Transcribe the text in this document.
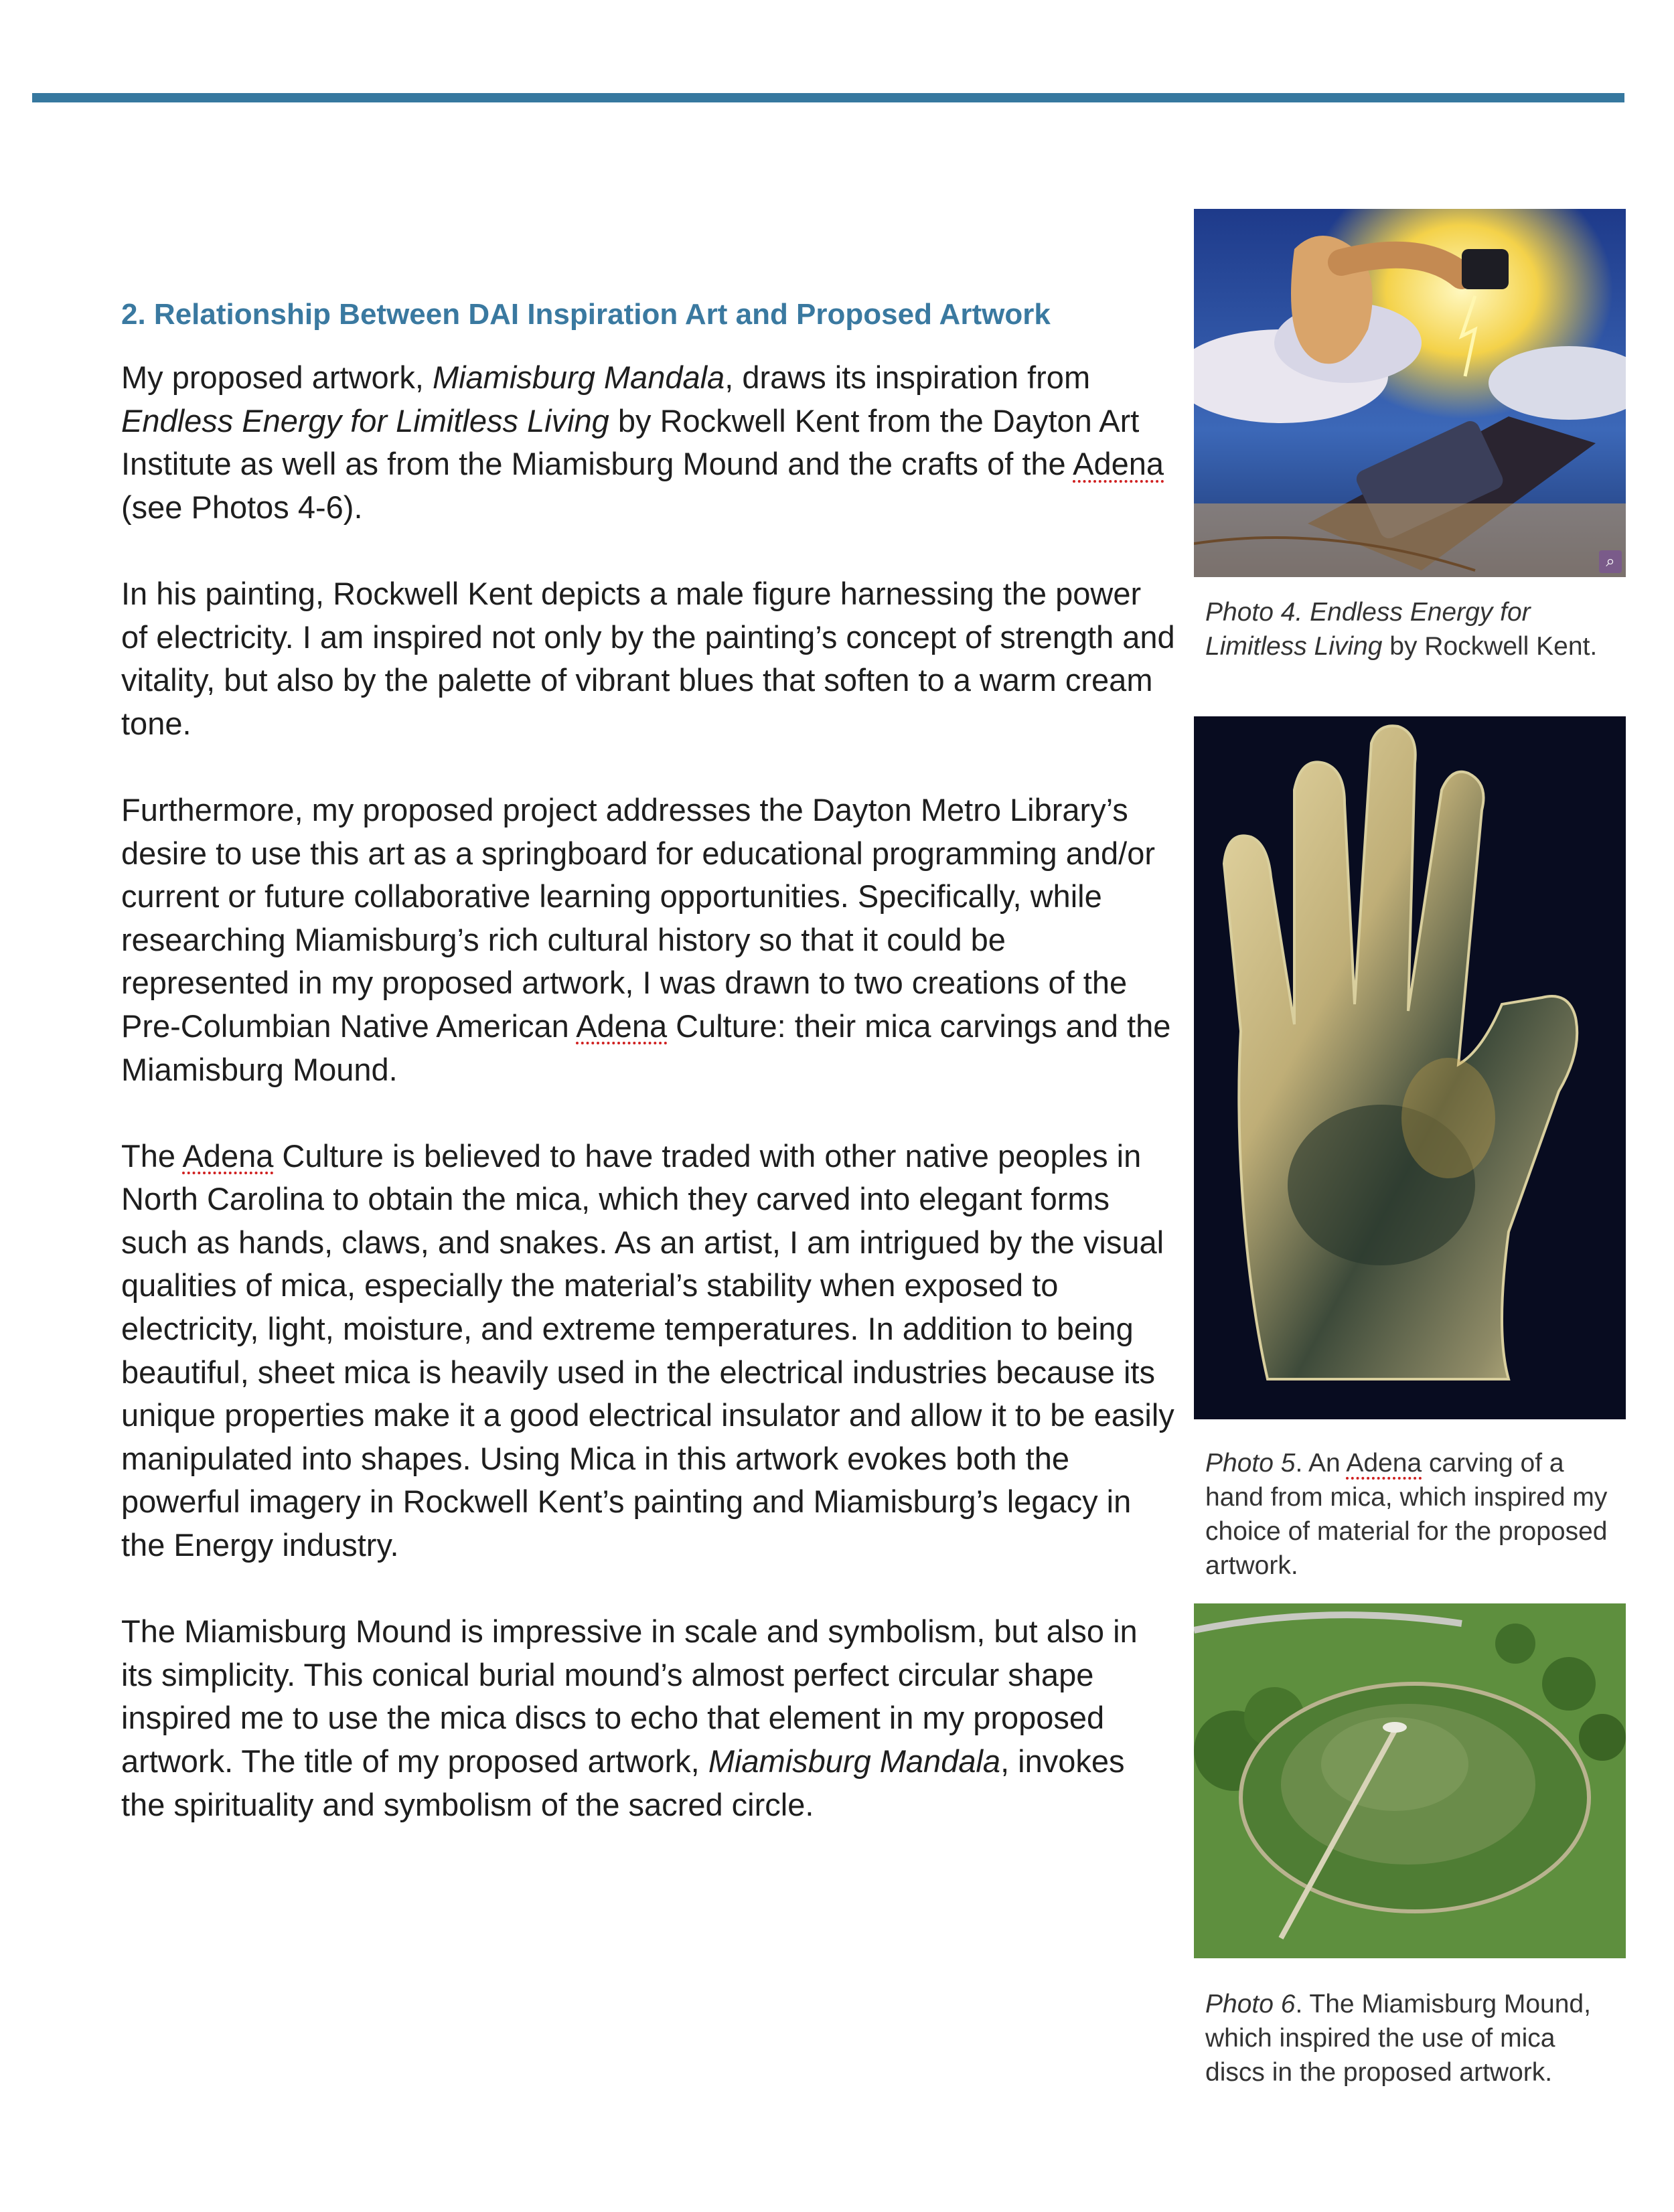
2. Relationship Between DAI Inspiration Art and Proposed Artwork

My proposed artwork, Miamisburg Mandala, draws its inspiration from Endless Energy for Limitless Living by Rockwell Kent from the Dayton Art Institute as well as from the Miamisburg Mound and the crafts of the Adena (see Photos 4-6).

In his painting, Rockwell Kent depicts a male figure harnessing the power of electricity. I am inspired not only by the painting’s concept of strength and vitality, but also by the palette of vibrant blues that soften to a warm cream tone.

Furthermore, my proposed project addresses the Dayton Metro Library’s desire to use this art as a springboard for educational programming and/or current or future collaborative learning opportunities. Specifically, while researching Miamisburg’s rich cultural history so that it could be represented in my proposed artwork, I was drawn to two creations of the Pre-Columbian Native American Adena Culture: their mica carvings and the Miamisburg Mound.

The Adena Culture is believed to have traded with other native peoples in North Carolina to obtain the mica, which they carved into elegant forms such as hands, claws, and snakes. As an artist, I am intrigued by the visual qualities of mica, especially the material’s stability when exposed to electricity, light, moisture, and extreme temperatures. In addition to being beautiful, sheet mica is heavily used in the electrical industries because its unique properties make it a good electrical insulator and allow it to be easily manipulated into shapes. Using Mica in this artwork evokes both the powerful imagery in Rockwell Kent’s painting and Miamisburg’s legacy in the Energy industry.

The Miamisburg Mound is impressive in scale and symbolism, but also in its simplicity. This conical burial mound’s almost perfect circular shape inspired me to use the mica discs to echo that element in my proposed artwork. The title of my proposed artwork, Miamisburg Mandala, invokes the spirituality and symbolism of the sacred circle.

⌕
Photo 4. Endless Energy for Limitless Living by Rockwell Kent.
Photo 5. An Adena carving of a hand from mica, which inspired my choice of material for the proposed artwork.
Photo 6. The Miamisburg Mound, which inspired the use of mica discs in the proposed artwork.
